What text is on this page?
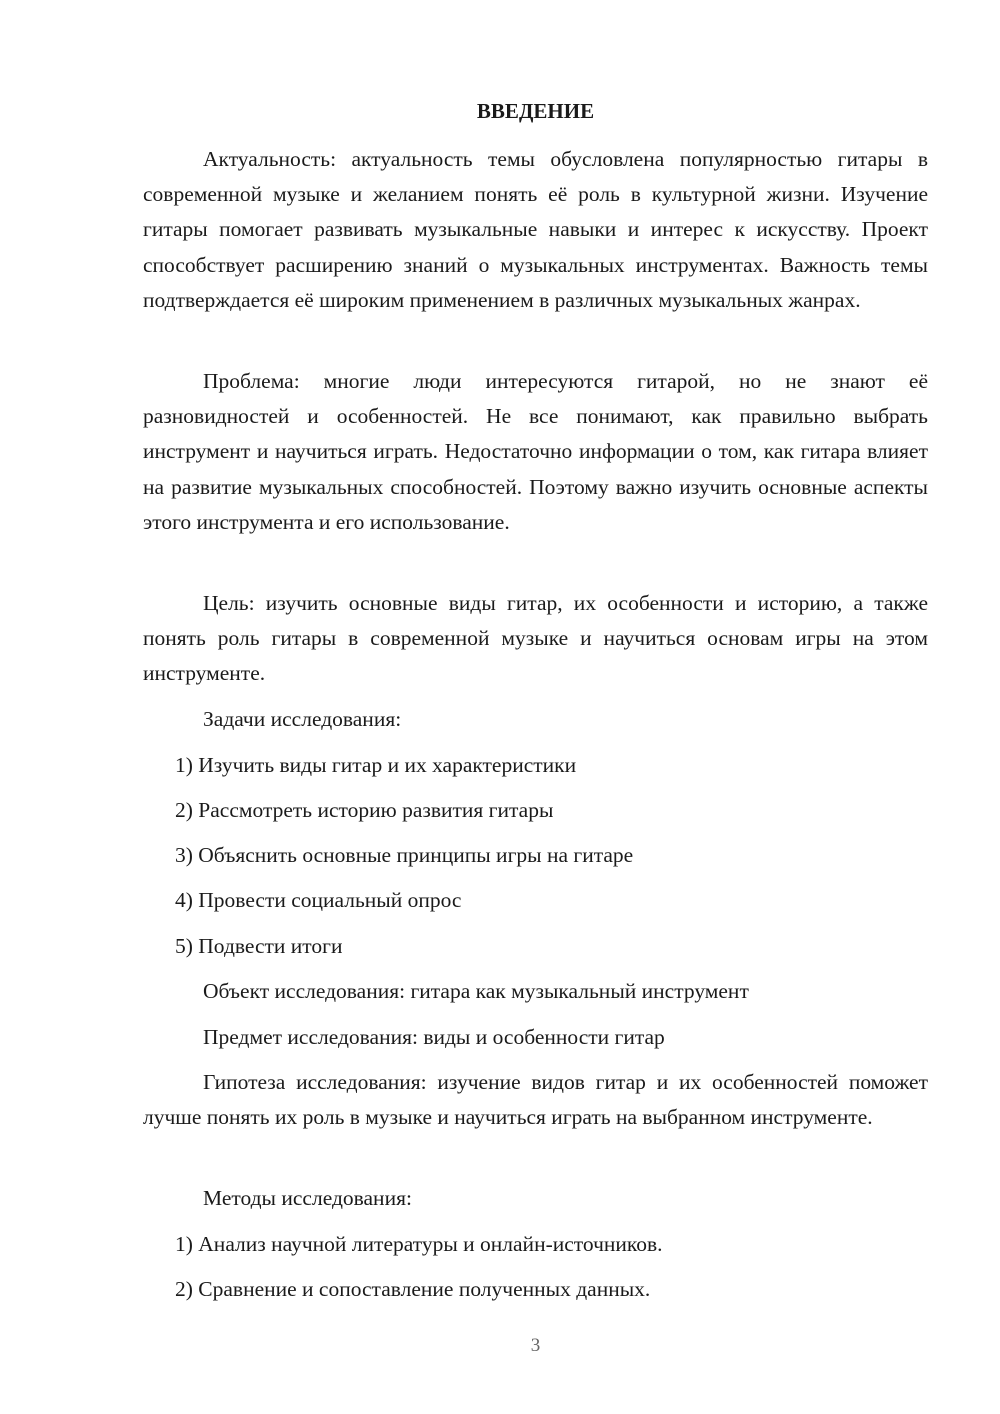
ВВЕДЕНИЕ

Актуальность: актуальность темы обусловлена популярностью гитары в современной музыке и желанием понять её роль в культурной жизни. Изучение гитары помогает развивать музыкальные навыки и интерес к искусству. Проект способствует расширению знаний о музыкальных инструментах. Важность темы подтверждается её широким применением в различных музыкальных жанрах.

Проблема: многие люди интересуются гитарой, но не знают её разновидностей и особенностей. Не все понимают, как правильно выбрать инструмент и научиться играть. Недостаточно информации о том, как гитара влияет на развитие музыкальных способностей. Поэтому важно изучить основные аспекты этого инструмента и его использование.

Цель: изучить основные виды гитар, их особенности и историю, а также понять роль гитары в современной музыке и научиться основам игры на этом инструменте.

Задачи исследования:

1) Изучить виды гитар и их характеристики

2) Рассмотреть историю развития гитары

3) Объяснить основные принципы игры на гитаре

4) Провести социальный опрос

5) Подвести итоги

Объект исследования: гитара как музыкальный инструмент

Предмет исследования: виды и особенности гитар

Гипотеза исследования: изучение видов гитар и их особенностей поможет лучше понять их роль в музыке и научиться играть на выбранном инструменте.

Методы исследования:

1) Анализ научной литературы и онлайн-источников.

2) Сравнение и сопоставление полученных данных.

3
